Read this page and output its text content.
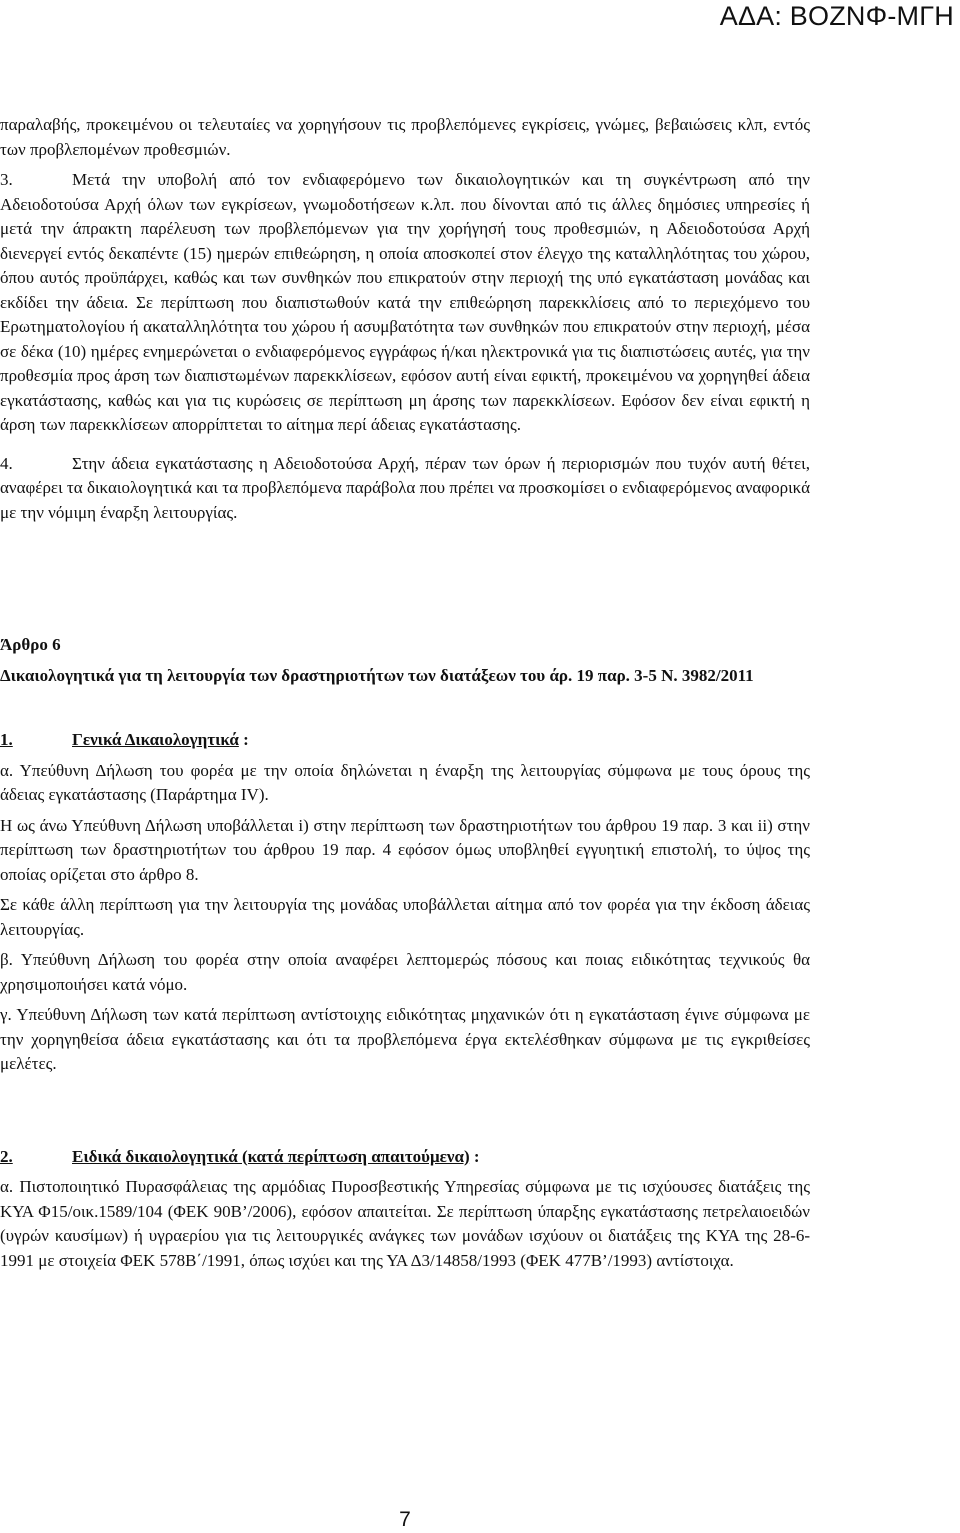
ΑΔΑ: ΒΟΖΝΦ-ΜΓΗ

παραλαβής, προκειμένου οι τελευταίες να χορηγήσουν τις προβλεπόμενες εγκρίσεις, γνώμες, βεβαιώσεις κλπ, εντός των προβλεπομένων προθεσμιών.

3.	Μετά την υποβολή από τον ενδιαφερόμενο των δικαιολογητικών και τη συγκέντρωση από την Αδειοδοτούσα Αρχή όλων των εγκρίσεων, γνωμοδοτήσεων κ.λπ. που δίνονται από τις άλλες δημόσιες υπηρεσίες ή μετά την άπρακτη παρέλευση των προβλεπόμενων για την χορήγησή τους προθεσμιών, η Αδειοδοτούσα Αρχή διενεργεί εντός δεκαπέντε (15) ημερών επιθεώρηση, η οποία αποσκοπεί στον έλεγχο της καταλληλότητας του χώρου, όπου αυτός προϋπάρχει, καθώς και των συνθηκών που επικρατούν στην περιοχή της υπό εγκατάσταση μονάδας και εκδίδει την άδεια. Σε περίπτωση που διαπιστωθούν κατά την επιθεώρηση παρεκκλίσεις από το περιεχόμενο του Ερωτηματολογίου ή ακαταλληλότητα του χώρου ή ασυμβατότητα των συνθηκών που επικρατούν στην περιοχή, μέσα σε δέκα (10) ημέρες ενημερώνεται ο ενδιαφερόμενος εγγράφως ή/και ηλεκτρονικά για τις διαπιστώσεις αυτές, για την προθεσμία προς άρση των διαπιστωμένων παρεκκλίσεων, εφόσον αυτή είναι εφικτή, προκειμένου να χορηγηθεί άδεια εγκατάστασης, καθώς και για τις κυρώσεις σε περίπτωση μη άρσης των παρεκκλίσεων. Εφόσον δεν είναι εφικτή η άρση των παρεκκλίσεων απορρίπτεται το αίτημα περί άδειας εγκατάστασης.

4.	Στην άδεια εγκατάστασης η Αδειοδοτούσα Αρχή, πέραν των όρων ή περιορισμών που τυχόν αυτή θέτει, αναφέρει τα δικαιολογητικά και τα προβλεπόμενα παράβολα που πρέπει να προσκομίσει ο ενδιαφερόμενος αναφορικά με την νόμιμη έναρξη λειτουργίας.

Άρθρο 6

Δικαιολογητικά για τη λειτουργία των δραστηριοτήτων των διατάξεων του άρ. 19 παρ. 3-5 Ν. 3982/2011

1.	Γενικά Δικαιολογητικά :

α. Υπεύθυνη Δήλωση του φορέα με την οποία δηλώνεται η έναρξη της λειτουργίας σύμφωνα με τους όρους της άδειας εγκατάστασης (Παράρτημα IV).

Η ως άνω Υπεύθυνη Δήλωση υποβάλλεται i) στην περίπτωση των δραστηριοτήτων του άρθρου 19 παρ. 3 και ii) στην περίπτωση των δραστηριοτήτων του άρθρου 19 παρ. 4 εφόσον όμως υποβληθεί εγγυητική επιστολή, το ύψος της οποίας ορίζεται στο άρθρο 8.

Σε κάθε άλλη περίπτωση για την λειτουργία της μονάδας υποβάλλεται αίτημα από τον φορέα για την έκδοση άδειας λειτουργίας.

β. Υπεύθυνη Δήλωση του φορέα στην οποία αναφέρει λεπτομερώς πόσους και ποιας ειδικότητας τεχνικούς θα χρησιμοποιήσει κατά νόμο.

γ. Υπεύθυνη Δήλωση των κατά περίπτωση αντίστοιχης ειδικότητας μηχανικών ότι η εγκατάσταση έγινε σύμφωνα με την χορηγηθείσα άδεια εγκατάστασης και ότι τα προβλεπόμενα έργα εκτελέσθηκαν σύμφωνα με τις εγκριθείσες μελέτες.

2.	Ειδικά δικαιολογητικά (κατά περίπτωση απαιτούμενα) :

α. Πιστοποιητικό Πυρασφάλειας της αρμόδιας Πυροσβεστικής Υπηρεσίας σύμφωνα με τις ισχύουσες διατάξεις της ΚΥΑ Φ15/οικ.1589/104 (ΦΕΚ 90Β’/2006), εφόσον απαιτείται. Σε περίπτωση ύπαρξης εγκατάστασης πετρελαιοειδών (υγρών καυσίμων) ή υγραερίου για τις λειτουργικές ανάγκες των μονάδων ισχύουν οι διατάξεις της ΚΥΑ της 28-6-1991 με στοιχεία ΦΕΚ 578Β΄/1991, όπως ισχύει και της ΥΑ Δ3/14858/1993 (ΦΕΚ 477Β’/1993) αντίστοιχα.

7
